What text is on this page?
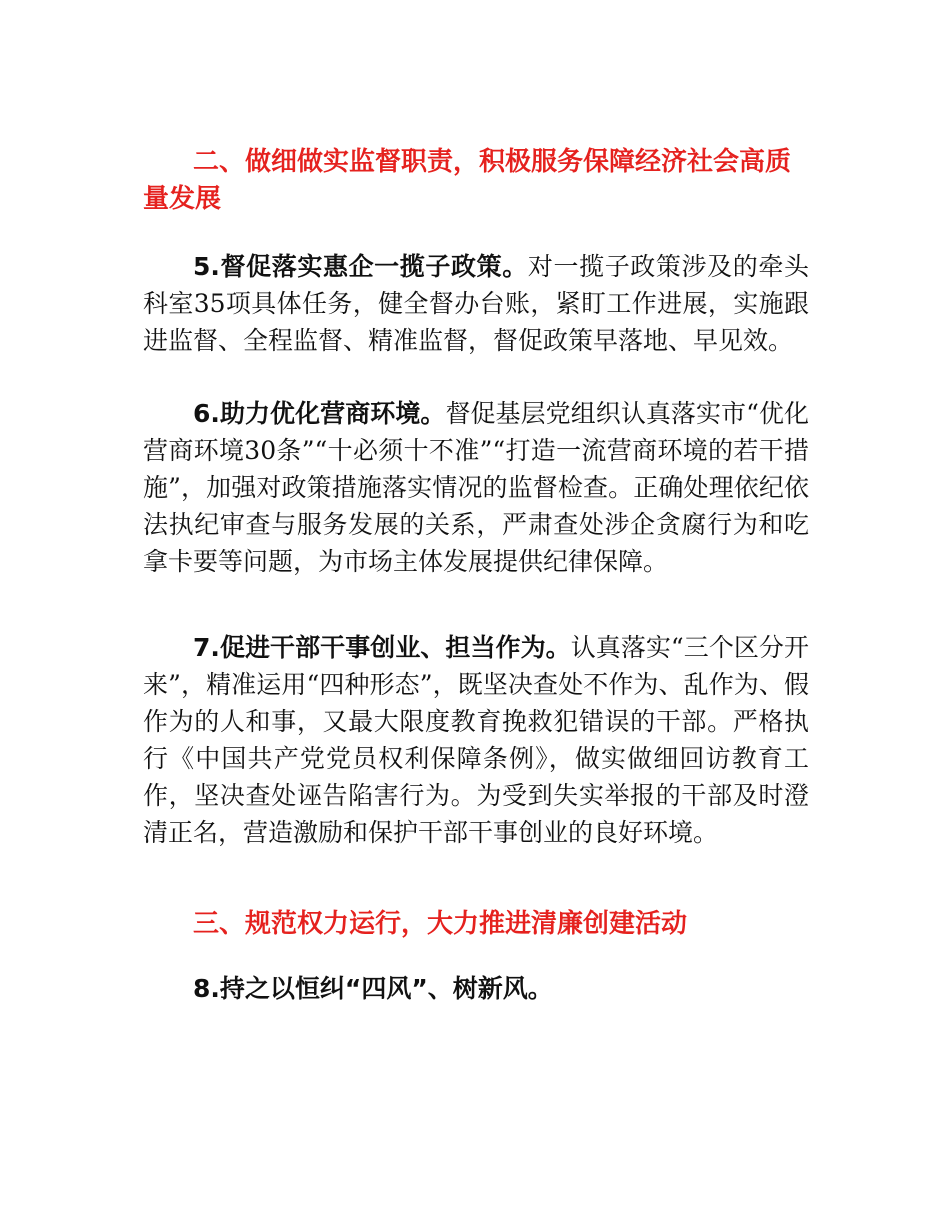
二、做细做实监督职责，积极服务保障经济社会高质量发展

5.督促落实惠企一揽子政策。对一揽子政策涉及的牵头科室35项具体任务，健全督办台账，紧盯工作进展，实施跟进监督、全程监督、精准监督，督促政策早落地、早见效。

6.助力优化营商环境。督促基层党组织认真落实市“优化营商环境30条”“十必须十不准”“打造一流营商环境的若干措施”，加强对政策措施落实情况的监督检查。正确处理依纪依法执纪审查与服务发展的关系，严肃查处涉企贪腐行为和吃拿卡要等问题，为市场主体发展提供纪律保障。

7.促进干部干事创业、担当作为。认真落实“三个区分开来”，精准运用“四种形态”，既坚决查处不作为、乱作为、假作为的人和事，又最大限度教育挽救犯错误的干部。严格执行《中国共产党党员权利保障条例》，做实做细回访教育工作，坚决查处诬告陷害行为。为受到失实举报的干部及时澄清正名，营造激励和保护干部干事创业的良好环境。

三、规范权力运行，大力推进清廉创建活动

8.持之以恒纠“四风”、树新风。
